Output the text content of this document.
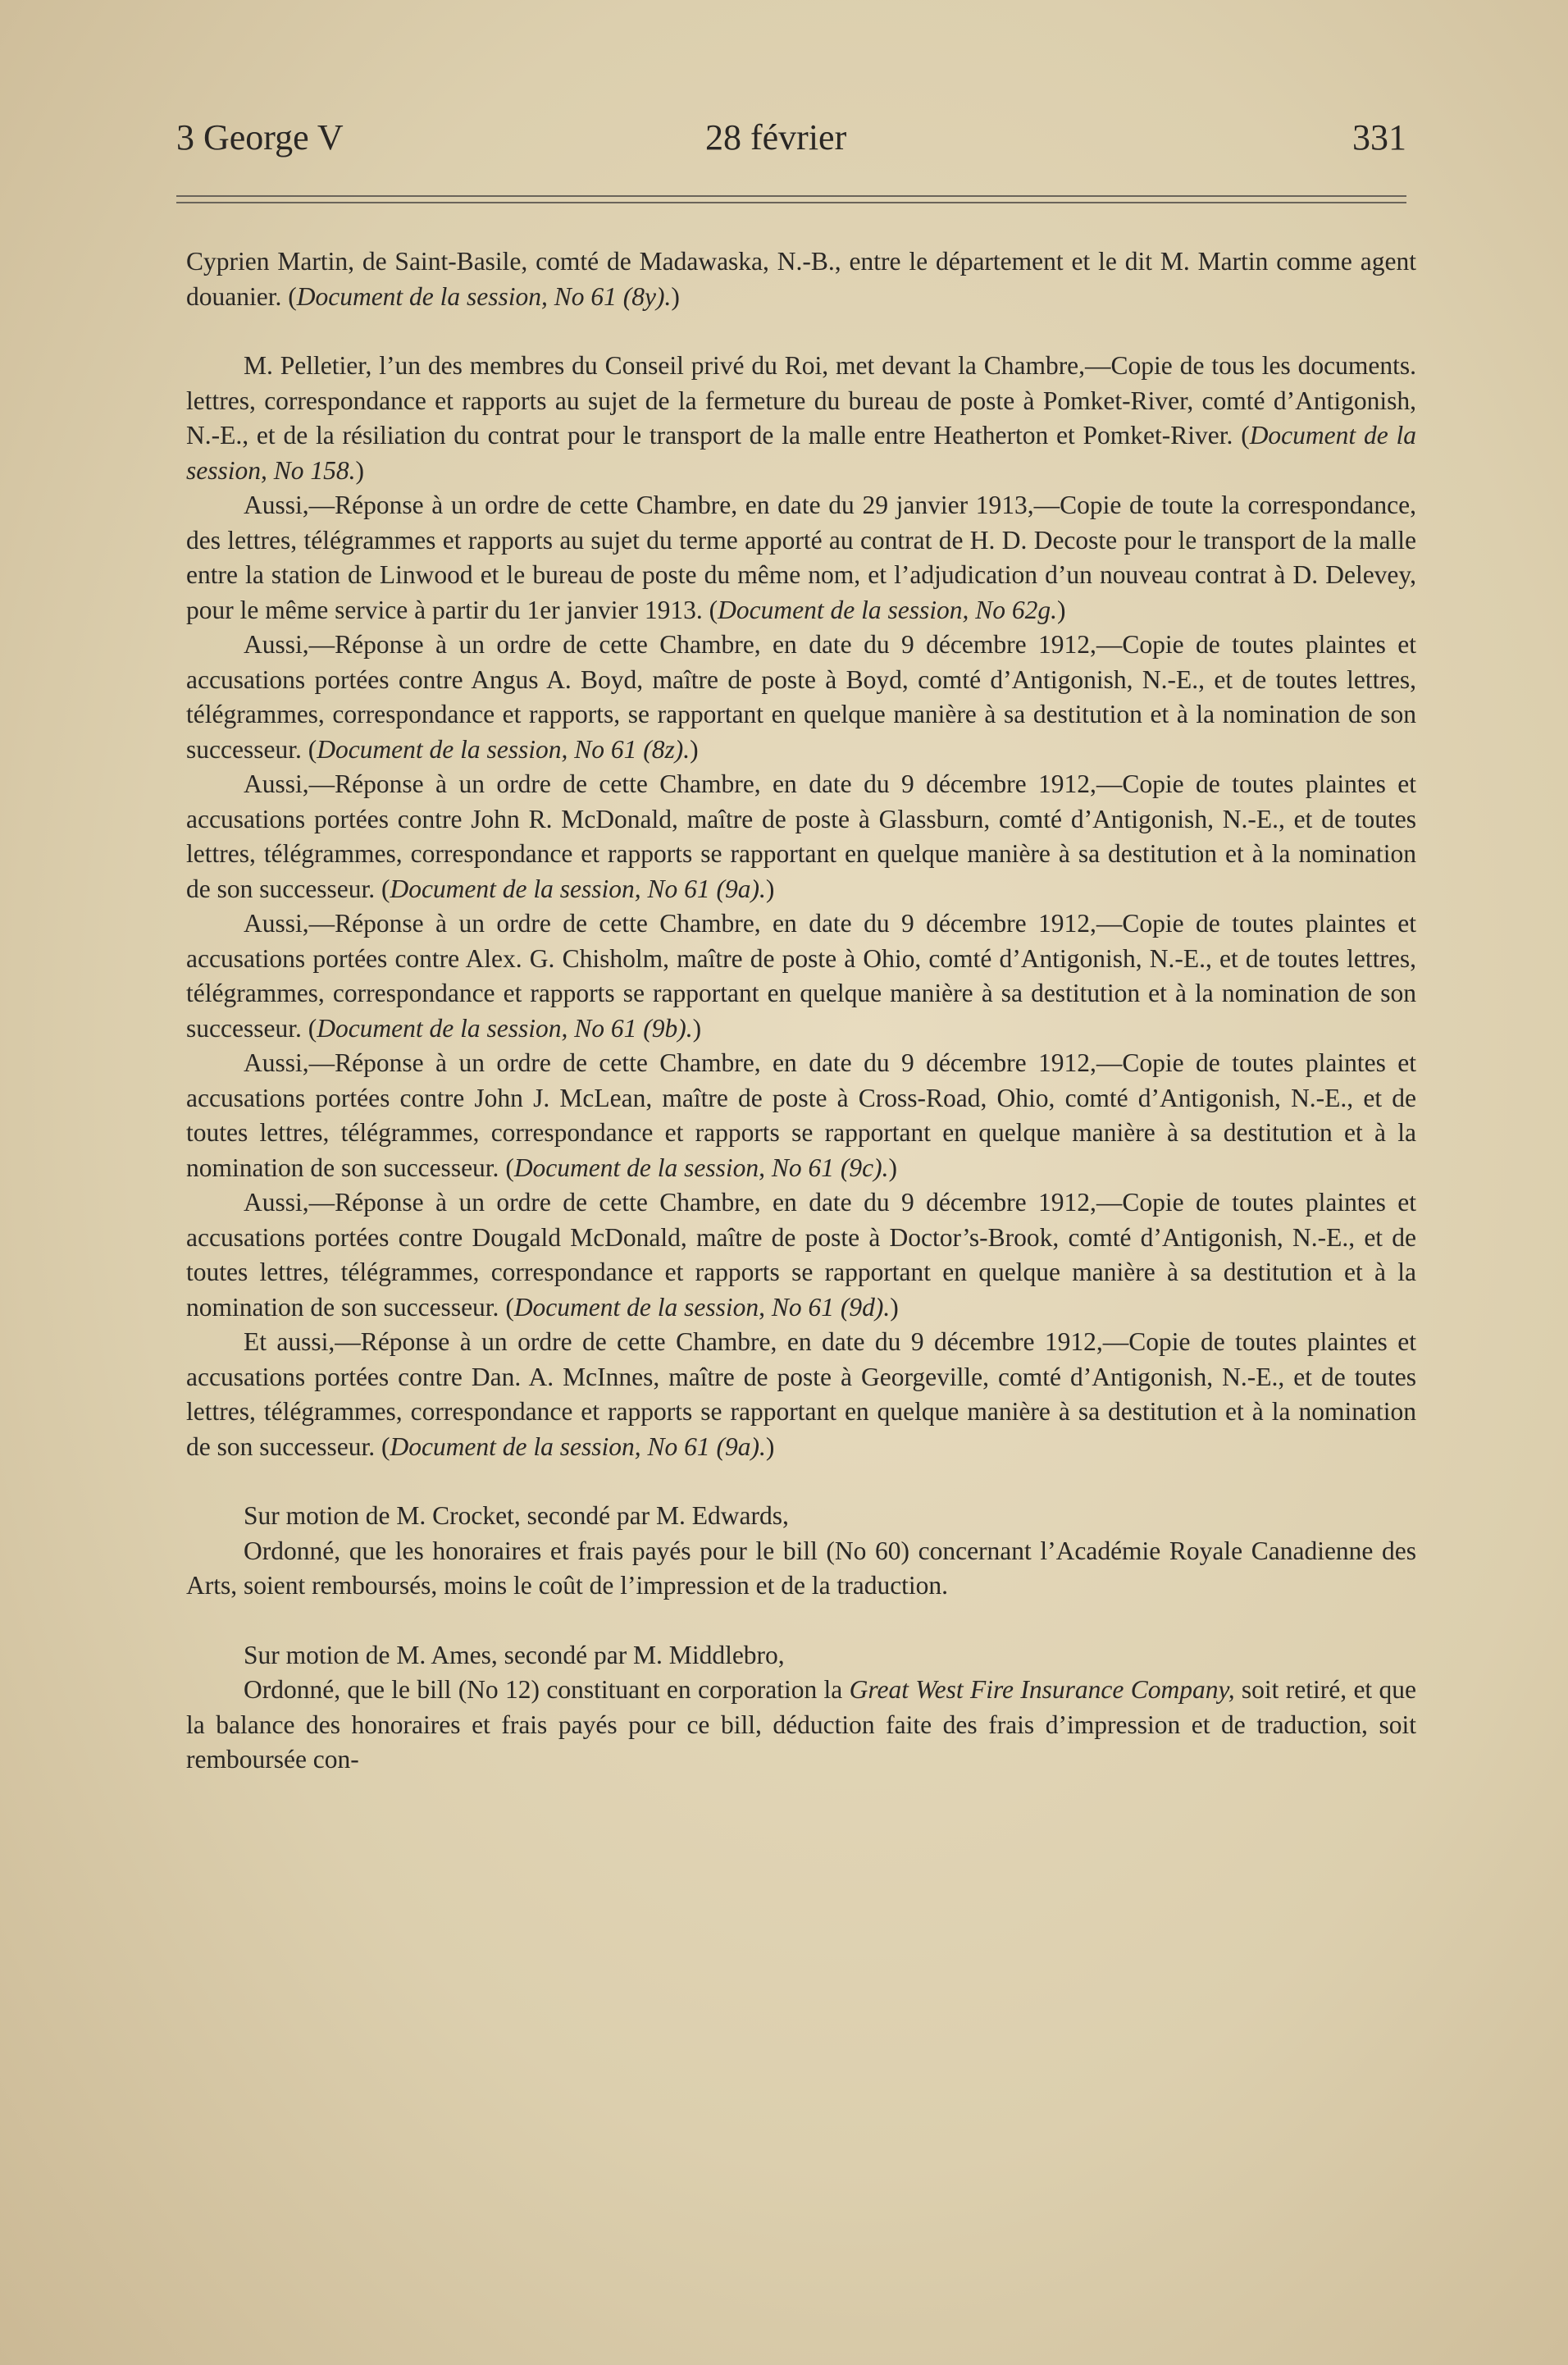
3 George V	28 février	331

Cyprien Martin, de Saint-Basile, comté de Madawaska, N.-B., entre le département et le dit M. Martin comme agent douanier. (Document de la session, No 61 (8y).)

M. Pelletier, l’un des membres du Conseil privé du Roi, met devant la Chambre,—Copie de tous les documents. lettres, correspondance et rapports au sujet de la fermeture du bureau de poste à Pomket-River, comté d’Antigonish, N.-E., et de la résiliation du contrat pour le transport de la malle entre Heatherton et Pomket-River. (Document de la session, No 158.)

Aussi,—Réponse à un ordre de cette Chambre, en date du 29 janvier 1913,—Copie de toute la correspondance, des lettres, télégrammes et rapports au sujet du terme apporté au contrat de H. D. Decoste pour le transport de la malle entre la station de Linwood et le bureau de poste du même nom, et l’adjudication d’un nouveau contrat à D. Delevey, pour le même service à partir du 1er janvier 1913. (Document de la session, No 62g.)

Aussi,—Réponse à un ordre de cette Chambre, en date du 9 décembre 1912,—Copie de toutes plaintes et accusations portées contre Angus A. Boyd, maître de poste à Boyd, comté d’Antigonish, N.-E., et de toutes lettres, télégrammes, correspondance et rapports, se rapportant en quelque manière à sa destitution et à la nomination de son successeur. (Document de la session, No 61 (8z).)

Aussi,—Réponse à un ordre de cette Chambre, en date du 9 décembre 1912,—Copie de toutes plaintes et accusations portées contre John R. McDonald, maître de poste à Glassburn, comté d’Antigonish, N.-E., et de toutes lettres, télégrammes, correspondance et rapports se rapportant en quelque manière à sa destitution et à la nomination de son successeur. (Document de la session, No 61 (9a).)

Aussi,—Réponse à un ordre de cette Chambre, en date du 9 décembre 1912,—Copie de toutes plaintes et accusations portées contre Alex. G. Chisholm, maître de poste à Ohio, comté d’Antigonish, N.-E., et de toutes lettres, télégrammes, correspondance et rapports se rapportant en quelque manière à sa destitution et à la nomination de son successeur. (Document de la session, No 61 (9b).)

Aussi,—Réponse à un ordre de cette Chambre, en date du 9 décembre 1912,—Copie de toutes plaintes et accusations portées contre John J. McLean, maître de poste à Cross-Road, Ohio, comté d’Antigonish, N.-E., et de toutes lettres, télégrammes, correspondance et rapports se rapportant en quelque manière à sa destitution et à la nomination de son successeur. (Document de la session, No 61 (9c).)

Aussi,—Réponse à un ordre de cette Chambre, en date du 9 décembre 1912,—Copie de toutes plaintes et accusations portées contre Dougald McDonald, maître de poste à Doctor’s-Brook, comté d’Antigonish, N.-E., et de toutes lettres, télégrammes, correspondance et rapports se rapportant en quelque manière à sa destitution et à la nomination de son successeur. (Document de la session, No 61 (9d).)

Et aussi,—Réponse à un ordre de cette Chambre, en date du 9 décembre 1912,—Copie de toutes plaintes et accusations portées contre Dan. A. McInnes, maître de poste à Georgeville, comté d’Antigonish, N.-E., et de toutes lettres, télégrammes, correspondance et rapports se rapportant en quelque manière à sa destitution et à la nomination de son successeur. (Document de la session, No 61 (9a).)

Sur motion de M. Crocket, secondé par M. Edwards,

Ordonné, que les honoraires et frais payés pour le bill (No 60) concernant l’Académie Royale Canadienne des Arts, soient remboursés, moins le coût de l’impression et de la traduction.

Sur motion de M. Ames, secondé par M. Middlebro,

Ordonné, que le bill (No 12) constituant en corporation la Great West Fire Insurance Company, soit retiré, et que la balance des honoraires et frais payés pour ce bill, déduction faite des frais d’impression et de traduction, soit remboursée con-
